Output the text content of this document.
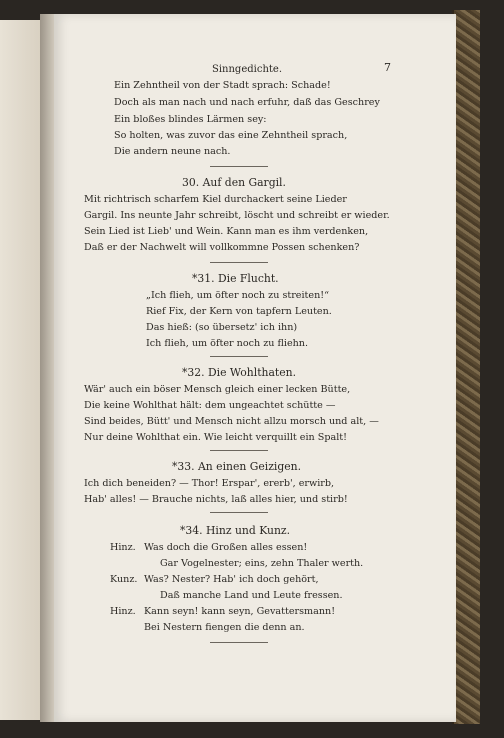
Sinngedichte.	7
Ein Zehntheil von der Stadt sprach: Schade!
Doch als man nach und nach erfuhr, daß das Geschrey
Ein bloßes blindes Lärmen sey:
So holten, was zuvor das eine Zehntheil sprach,
Die andern neune nach.
30. Auf den Gargil.
Mit richtrisch scharfem Kiel durchackert seine Lieder
Gargil. Ins neunte Jahr schreibt, löscht und schreibt er wieder.
Sein Lied ist Lieb' und Wein. Kann man es ihm verdenken,
Daß er der Nachwelt will vollkommne Possen schenken?
*31. Die Flucht.
„Ich flieh, um öfter noch zu streiten!“
Rief Fix, der Kern von tapfern Leuten.
Das hieß: (so übersetz' ich ihn)
Ich flieh, um öfter noch zu fliehn.
*32. Die Wohlthaten.
Wär' auch ein böser Mensch gleich einer lecken Bütte,
Die keine Wohlthat hält: dem ungeachtet schütte —
Sind beides, Bütt' und Mensch nicht allzu morsch und alt, —
Nur deine Wohlthat ein. Wie leicht verquillt ein Spalt!
*33. An einen Geizigen.
Ich dich beneiden? — Thor! Erspar', ererb', erwirb,
Hab' alles! — Brauche nichts, laß alles hier, und stirb!
*34. Hinz und Kunz.
Hinz. Was doch die Großen alles essen!
Gar Vogelnester; eins, zehn Thaler werth.
Kunz. Was? Nester? Hab' ich doch gehört,
Daß manche Land und Leute fressen.
Hinz. Kann seyn! kann seyn, Gevattersmann!
Bei Nestern fiengen die denn an.
